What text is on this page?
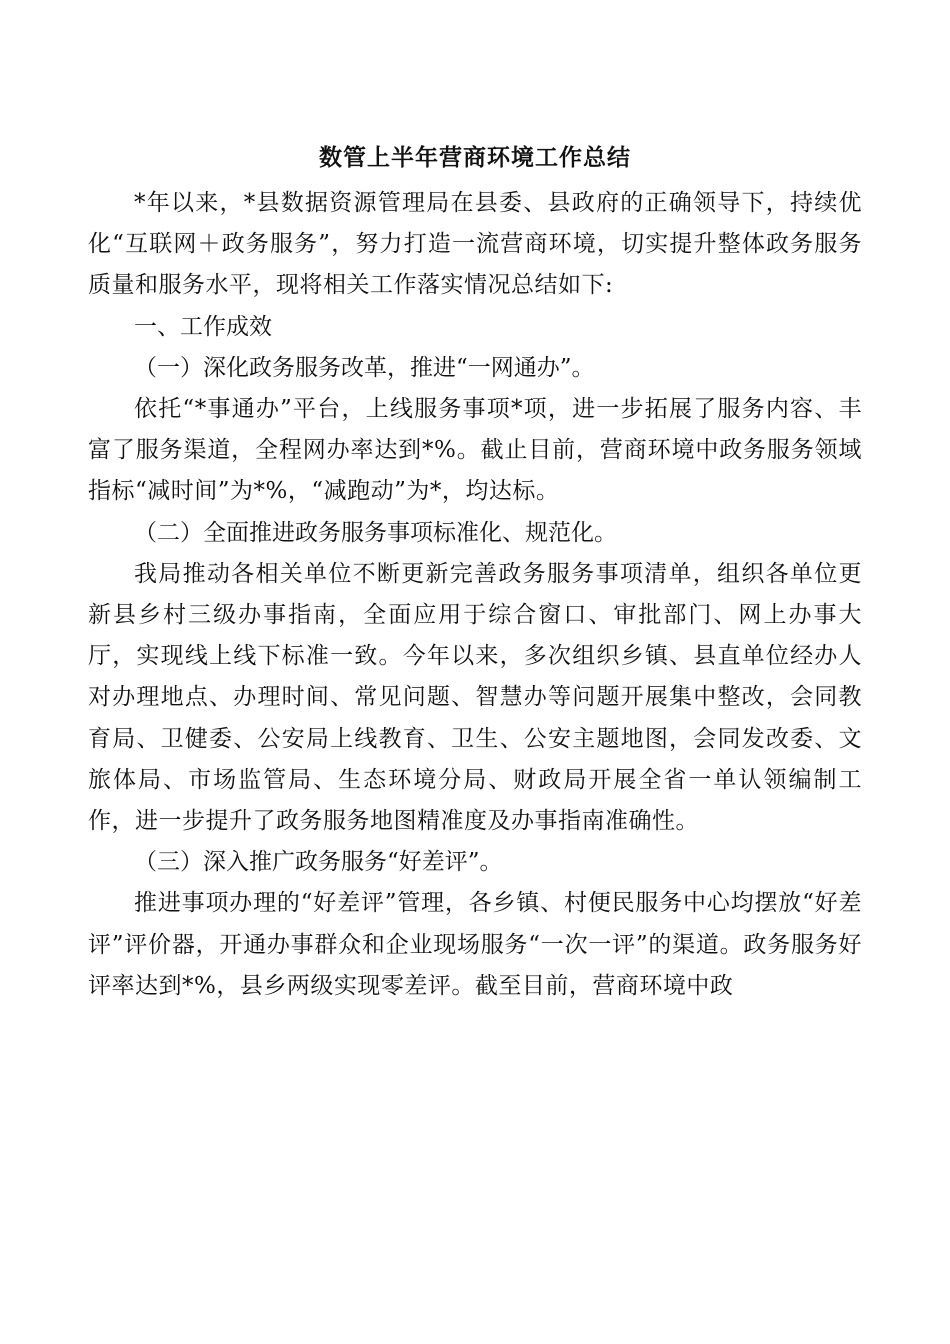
数管上半年营商环境工作总结

*年以来，*县数据资源管理局在县委、县政府的正确领导下，持续优化“互联网＋政务服务”，努力打造一流营商环境，切实提升整体政务服务质量和服务水平，现将相关工作落实情况总结如下:

一、工作成效

（一）深化政务服务改革，推进“一网通办”。

依托“*事通办”平台，上线服务事项*项，进一步拓展了服务内容、丰富了服务渠道，全程网办率达到*%。截止目前，营商环境中政务服务领域指标“减时间”为*%，“减跑动”为*，均达标。

（二）全面推进政务服务事项标准化、规范化。

我局推动各相关单位不断更新完善政务服务事项清单，组织各单位更新县乡村三级办事指南，全面应用于综合窗口、审批部门、网上办事大厅，实现线上线下标准一致。今年以来，多次组织乡镇、县直单位经办人对办理地点、办理时间、常见问题、智慧办等问题开展集中整改，会同教育局、卫健委、公安局上线教育、卫生、公安主题地图，会同发改委、文旅体局、市场监管局、生态环境分局、财政局开展全省一单认领编制工作，进一步提升了政务服务地图精准度及办事指南准确性。

（三）深入推广政务服务“好差评”。

推进事项办理的“好差评”管理，各乡镇、村便民服务中心均摆放“好差评”评价器，开通办事群众和企业现场服务“一次一评”的渠道。政务服务好评率达到*%，县乡两级实现零差评。截至目前，营商环境中政
